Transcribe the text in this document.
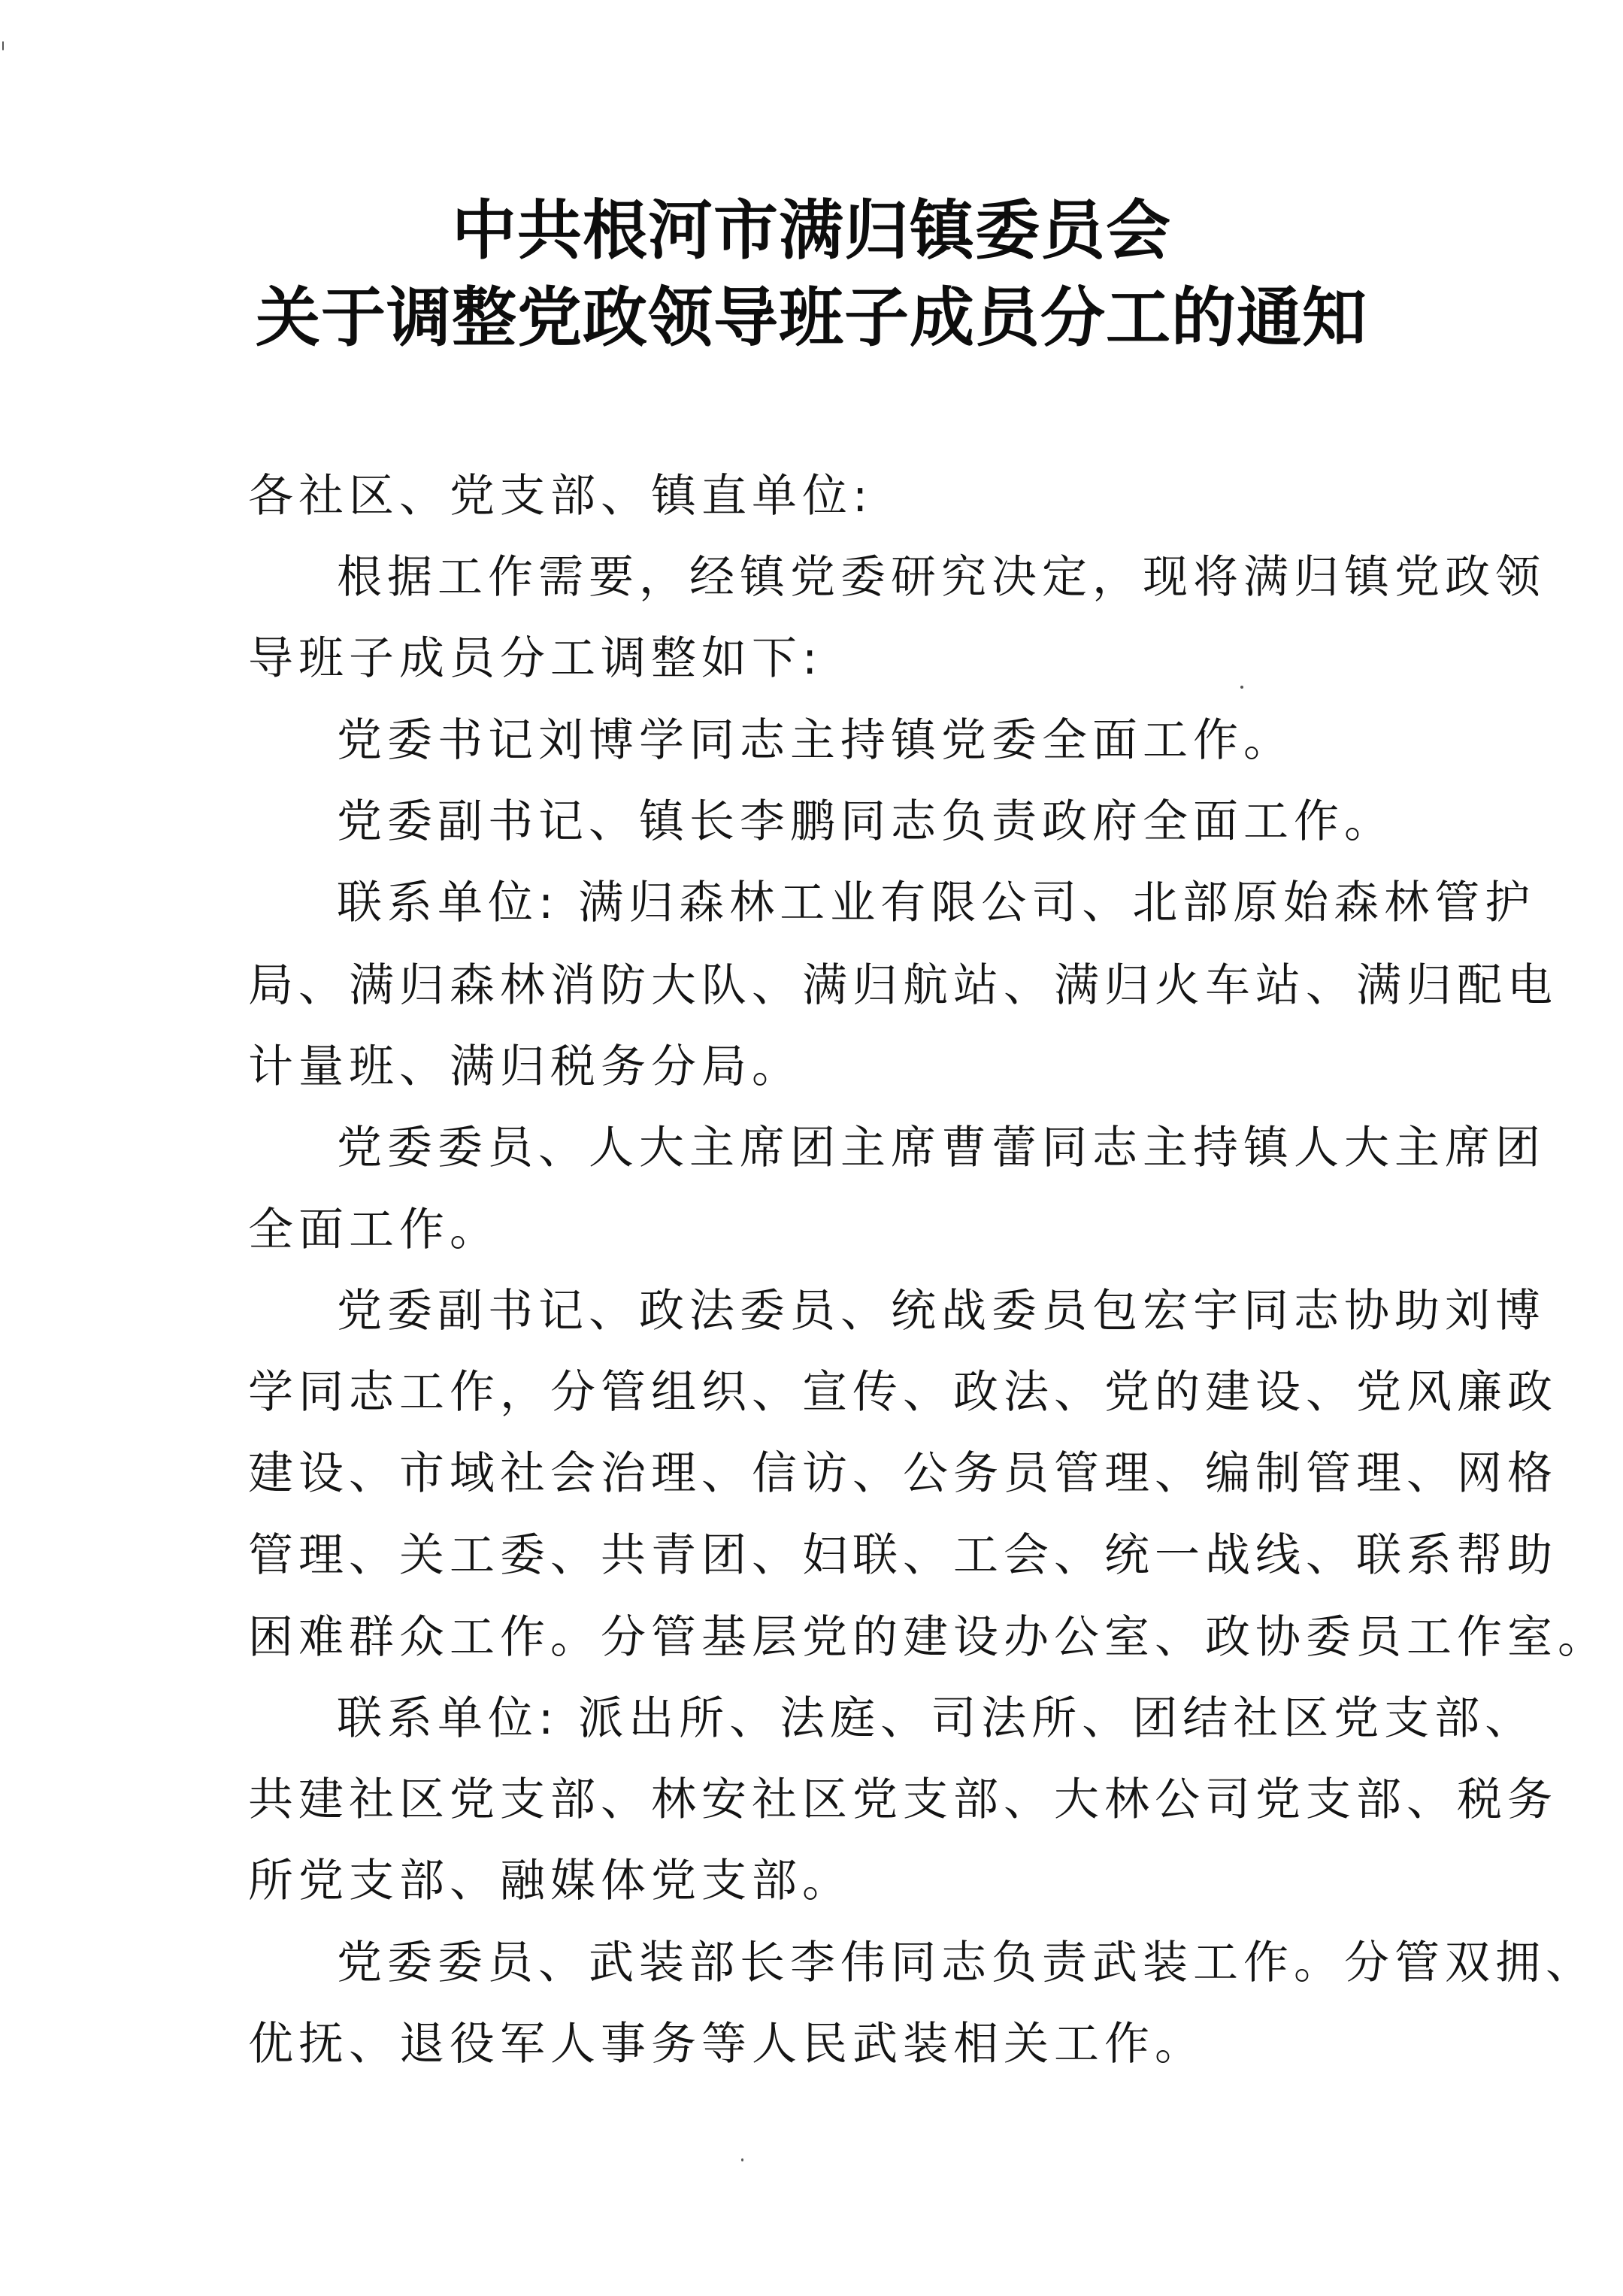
中共根河市满归镇委员会
关于调整党政领导班子成员分工的通知
各社区、党支部、镇直单位:
根据工作需要，经镇党委研究决定，现将满归镇党政领
导班子成员分工调整如下:
党委书记刘博学同志主持镇党委全面工作。
党委副书记、镇长李鹏同志负责政府全面工作。
联系单位: 满归森林工业有限公司、北部原始森林管护
局、满归森林消防大队、满归航站、满归火车站、满归配电
计量班、满归税务分局。
党委委员、人大主席团主席曹蕾同志主持镇人大主席团
全面工作。
党委副书记、政法委员、统战委员包宏宇同志协助刘博
学同志工作，分管组织、宣传、政法、党的建设、党风廉政
建设、市域社会治理、信访、公务员管理、编制管理、网格
管理、关工委、共青团、妇联、工会、统一战线、联系帮助
困难群众工作。分管基层党的建设办公室、政协委员工作室。
联系单位: 派出所、法庭、司法所、团结社区党支部、
共建社区党支部、林安社区党支部、大林公司党支部、税务
所党支部、融媒体党支部。
党委委员、武装部长李伟同志负责武装工作。分管双拥、
优抚、退役军人事务等人民武装相关工作。
